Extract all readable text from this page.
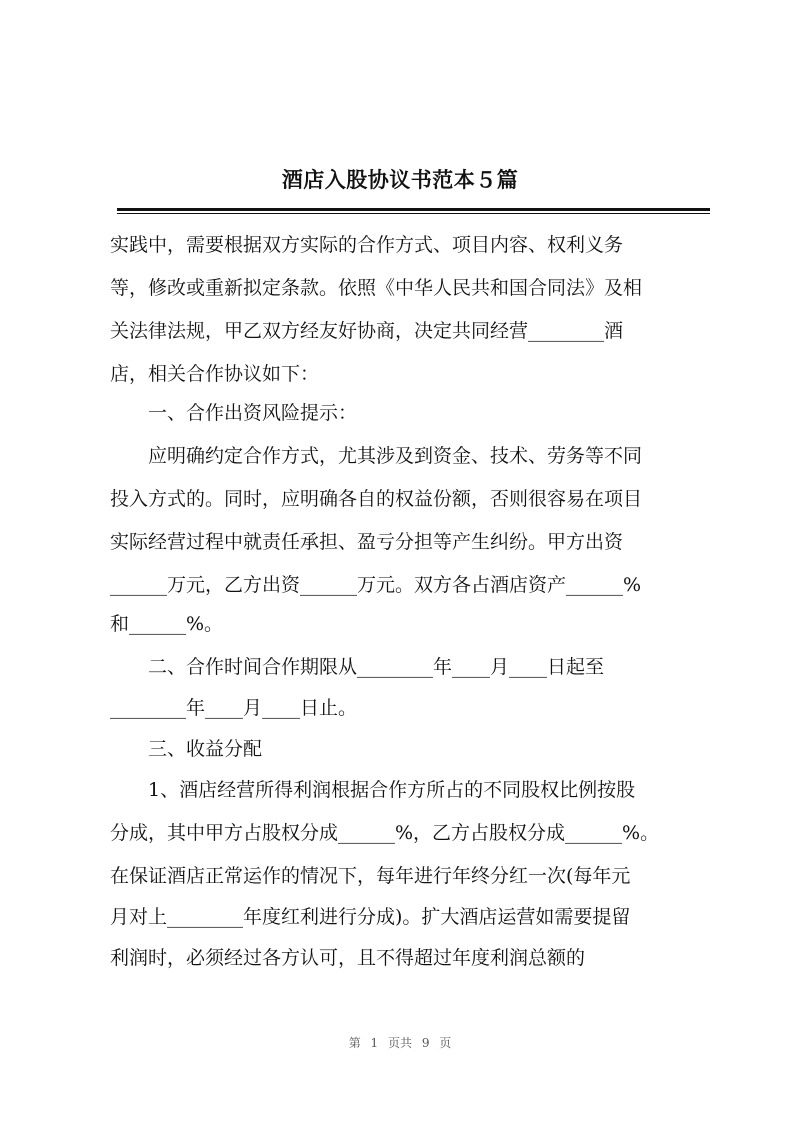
酒店入股协议书范本５篇
实践中，需要根据双方实际的合作方式、项目内容、权利义务
等，修改或重新拟定条款。依照《中华人民共和国合同法》及相
关法律法规，甲乙双方经友好协商，决定共同经营________酒
店，相关合作协议如下：
一、合作出资风险提示：
应明确约定合作方式，尤其涉及到资金、技术、劳务等不同
投入方式的。同时，应明确各自的权益份额，否则很容易在项目
实际经营过程中就责任承担、盈亏分担等产生纠纷。甲方出资
______万元，乙方出资______万元。双方各占酒店资产______%
和______%。
二、合作时间合作期限从________年____月____日起至
________年____月____日止。
三、收益分配
1、酒店经营所得利润根据合作方所占的不同股权比例按股
分成，其中甲方占股权分成______%，乙方占股权分成______%。
在保证酒店正常运作的情况下，每年进行年终分红一次(每年元
月对上________年度红利进行分成)。扩大酒店运营如需要提留
利润时，必须经过各方认可，且不得超过年度利润总额的
第 1 页共 9 页
